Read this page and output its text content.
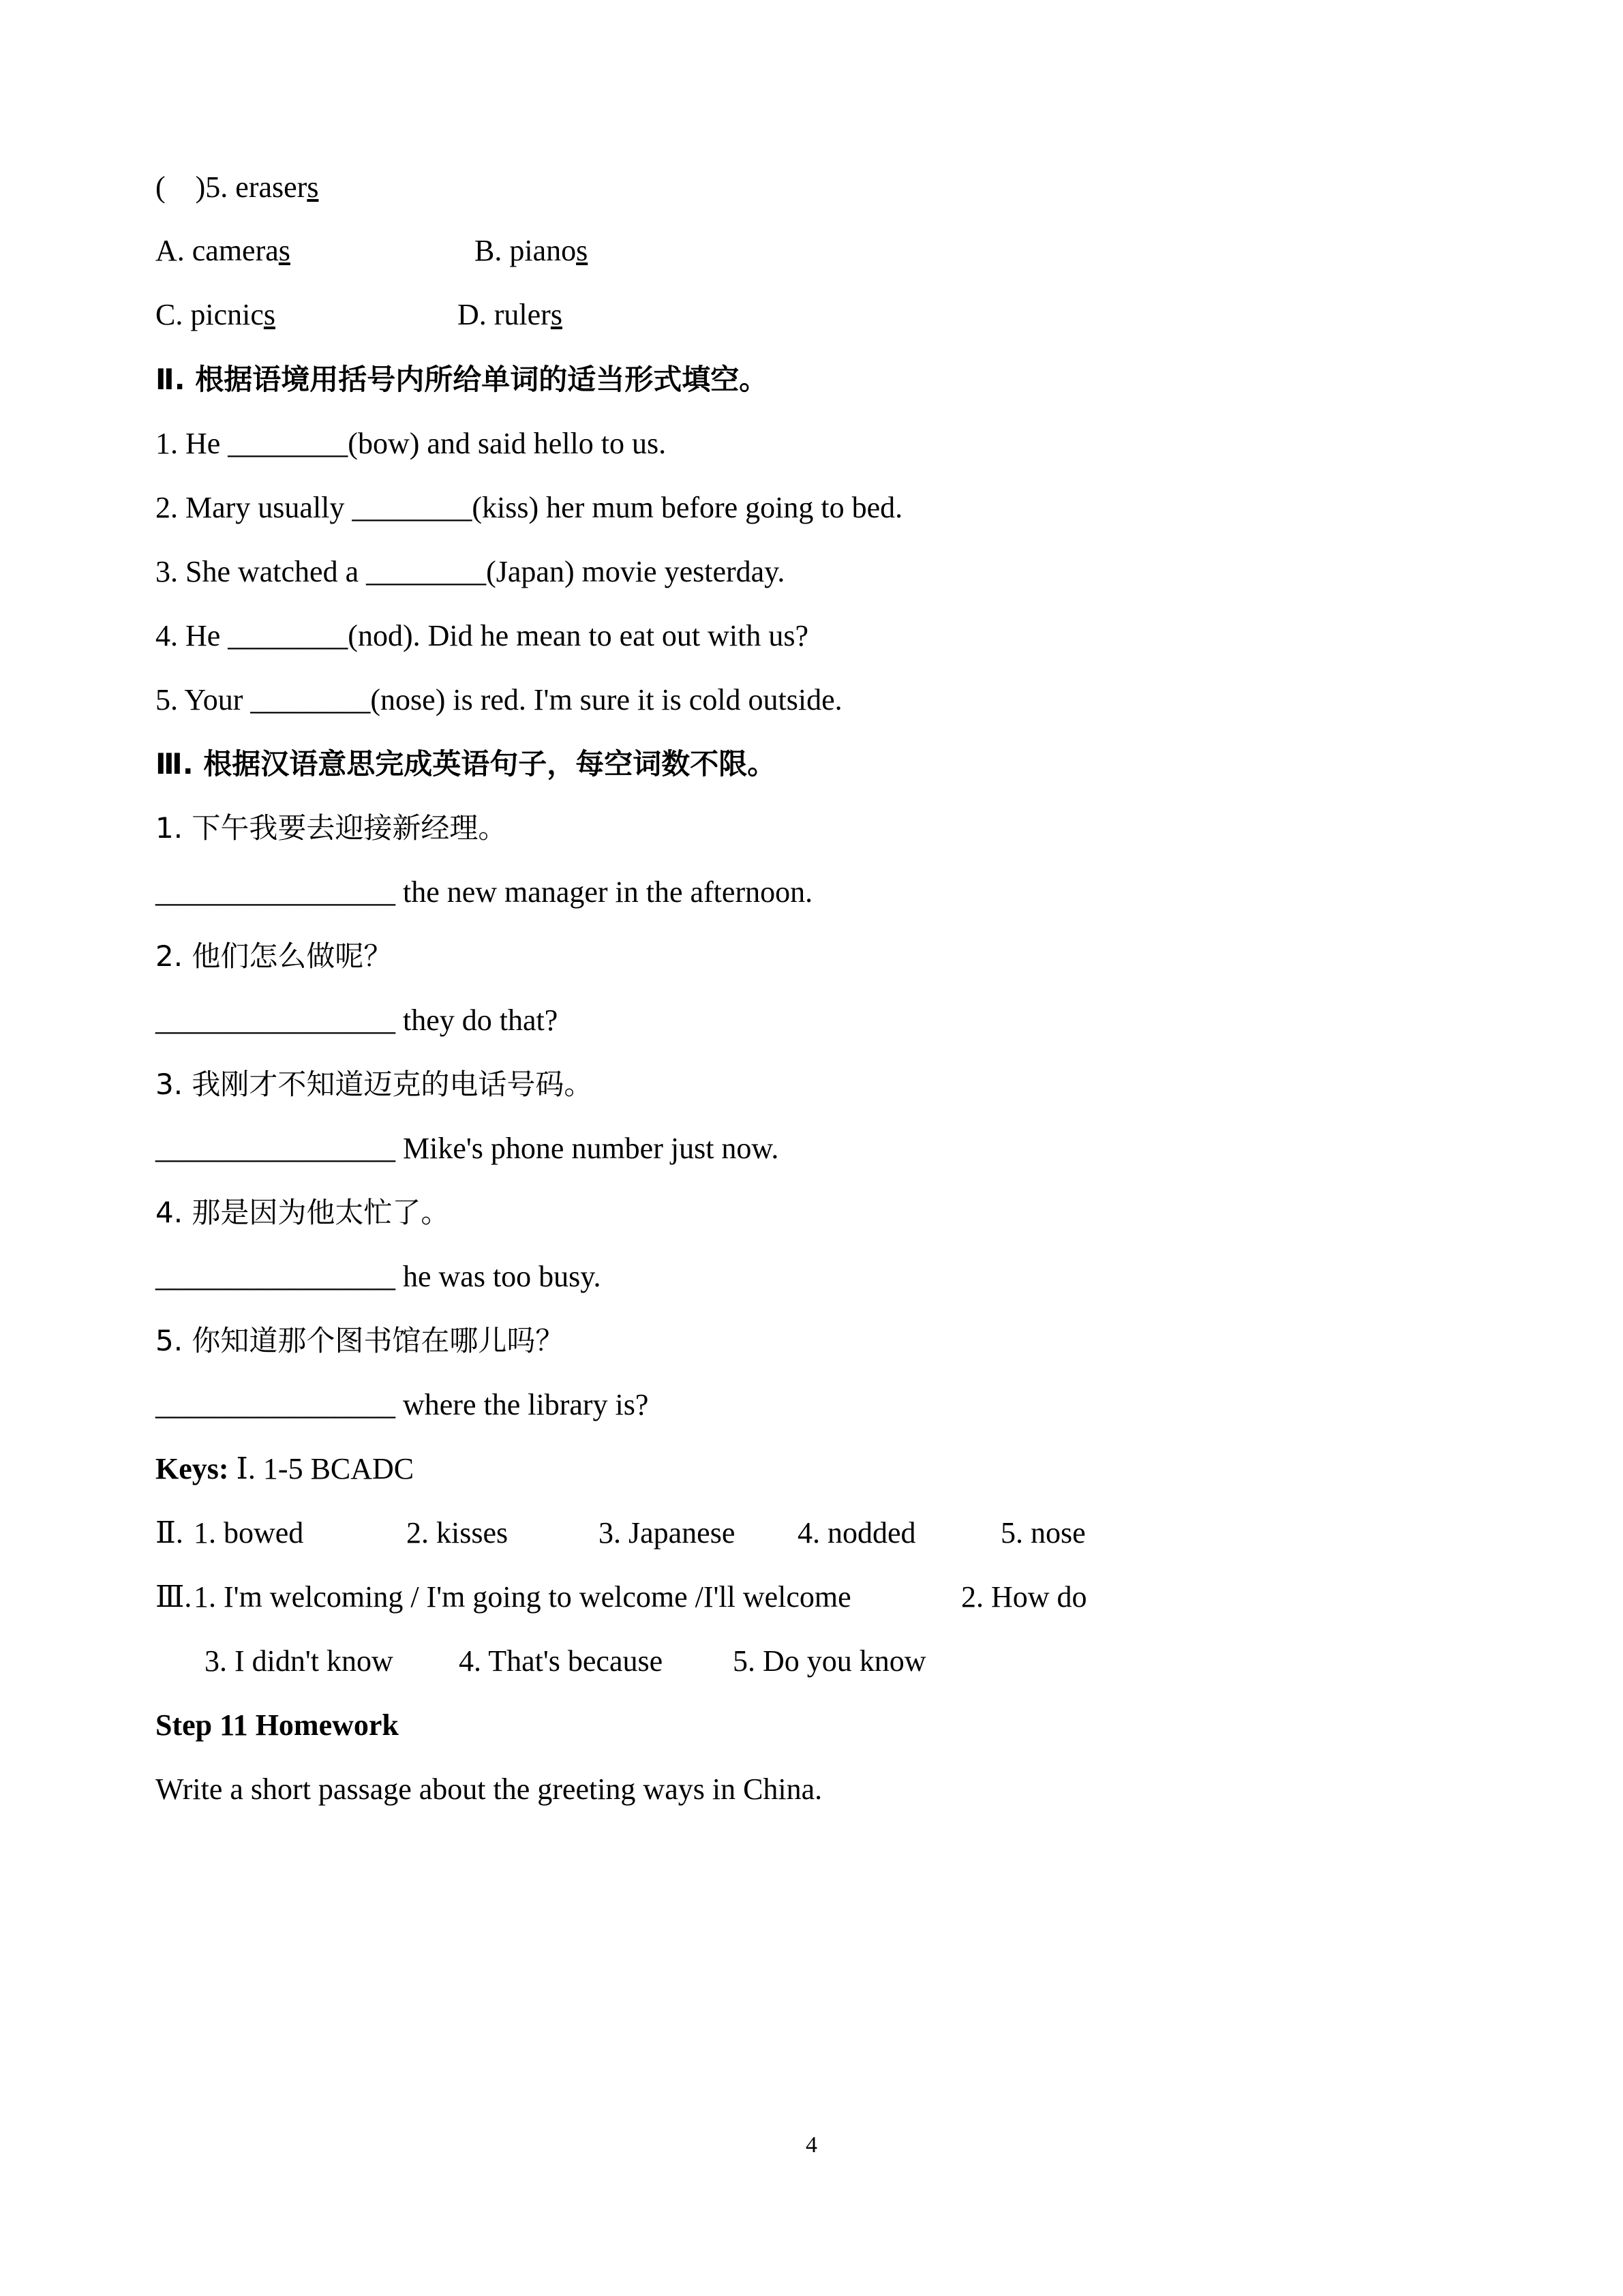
(    )5. erasers
A. cameras	B. pianos
C. picnics	D. rulers
Ⅱ. 根据语境用括号内所给单词的适当形式填空。
1. He ________(bow) and said hello to us.
2. Mary usually ________(kiss) her mum before going to bed.
3. She watched a ________(Japan) movie yesterday.
4. He ________(nod). Did he mean to eat out with us?
5. Your ________(nose) is red. I'm sure it is cold outside.
Ⅲ. 根据汉语意思完成英语句子，每空词数不限。
1. 下午我要去迎接新经理。
________________ the new manager in the afternoon.
2. 他们怎么做呢？
________________ they do that?
3. 我刚才不知道迈克的电话号码。
________________ Mike's phone number just now.
4. 那是因为他太忙了。
________________ he was too busy.
5. 你知道那个图书馆在哪儿吗？
________________ where the library is?
Keys: Ⅰ. 1-5 BCADC
Ⅱ. 1. bowed	2. kisses	3. Japanese 4. nodded	5. nose
Ⅲ.1. I'm welcoming / I'm going to welcome /I'll welcome	2. How do
3. I didn't know 4. That's because 5. Do you know
Step 11 Homework
Write a short passage about the greeting ways in China.
4
